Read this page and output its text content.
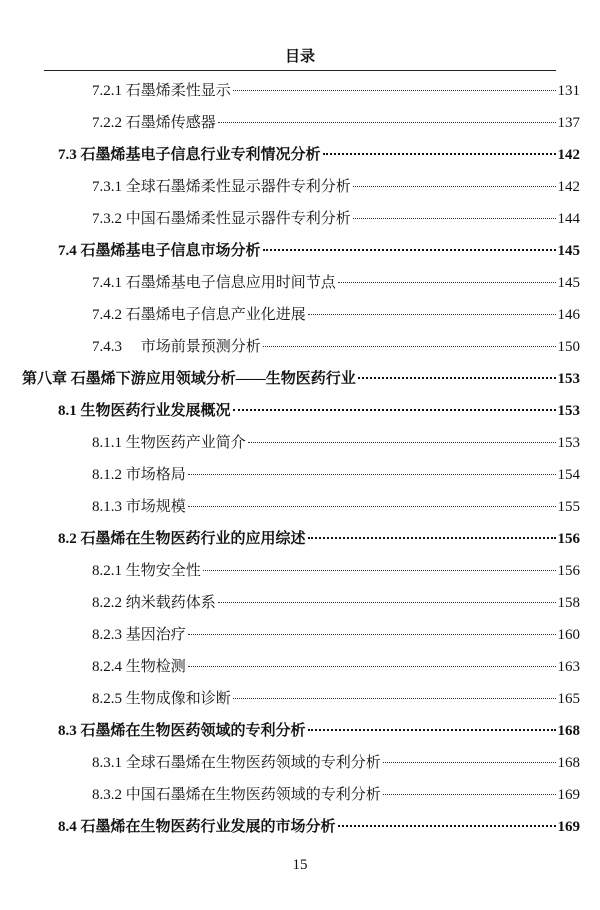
目录
7.2.1 石墨烯柔性显示	131
7.2.2 石墨烯传感器	137
7.3 石墨烯基电子信息行业专利情况分析	142
7.3.1 全球石墨烯柔性显示器件专利分析	142
7.3.2 中国石墨烯柔性显示器件专利分析	144
7.4 石墨烯基电子信息市场分析	145
7.4.1 石墨烯基电子信息应用时间节点	145
7.4.2 石墨烯电子信息产业化进展	146
7.4.3　 市场前景预测分析	150
第八章 石墨烯下游应用领域分析——生物医药行业	153
8.1 生物医药行业发展概况	153
8.1.1 生物医药产业简介	153
8.1.2 市场格局	154
8.1.3 市场规模	155
8.2 石墨烯在生物医药行业的应用综述	156
8.2.1 生物安全性	156
8.2.2 纳米载药体系	158
8.2.3 基因治疗	160
8.2.4 生物检测	163
8.2.5 生物成像和诊断	165
8.3 石墨烯在生物医药领域的专利分析	168
8.3.1 全球石墨烯在生物医药领域的专利分析	168
8.3.2 中国石墨烯在生物医药领域的专利分析	169
8.4 石墨烯在生物医药行业发展的市场分析	169
15
